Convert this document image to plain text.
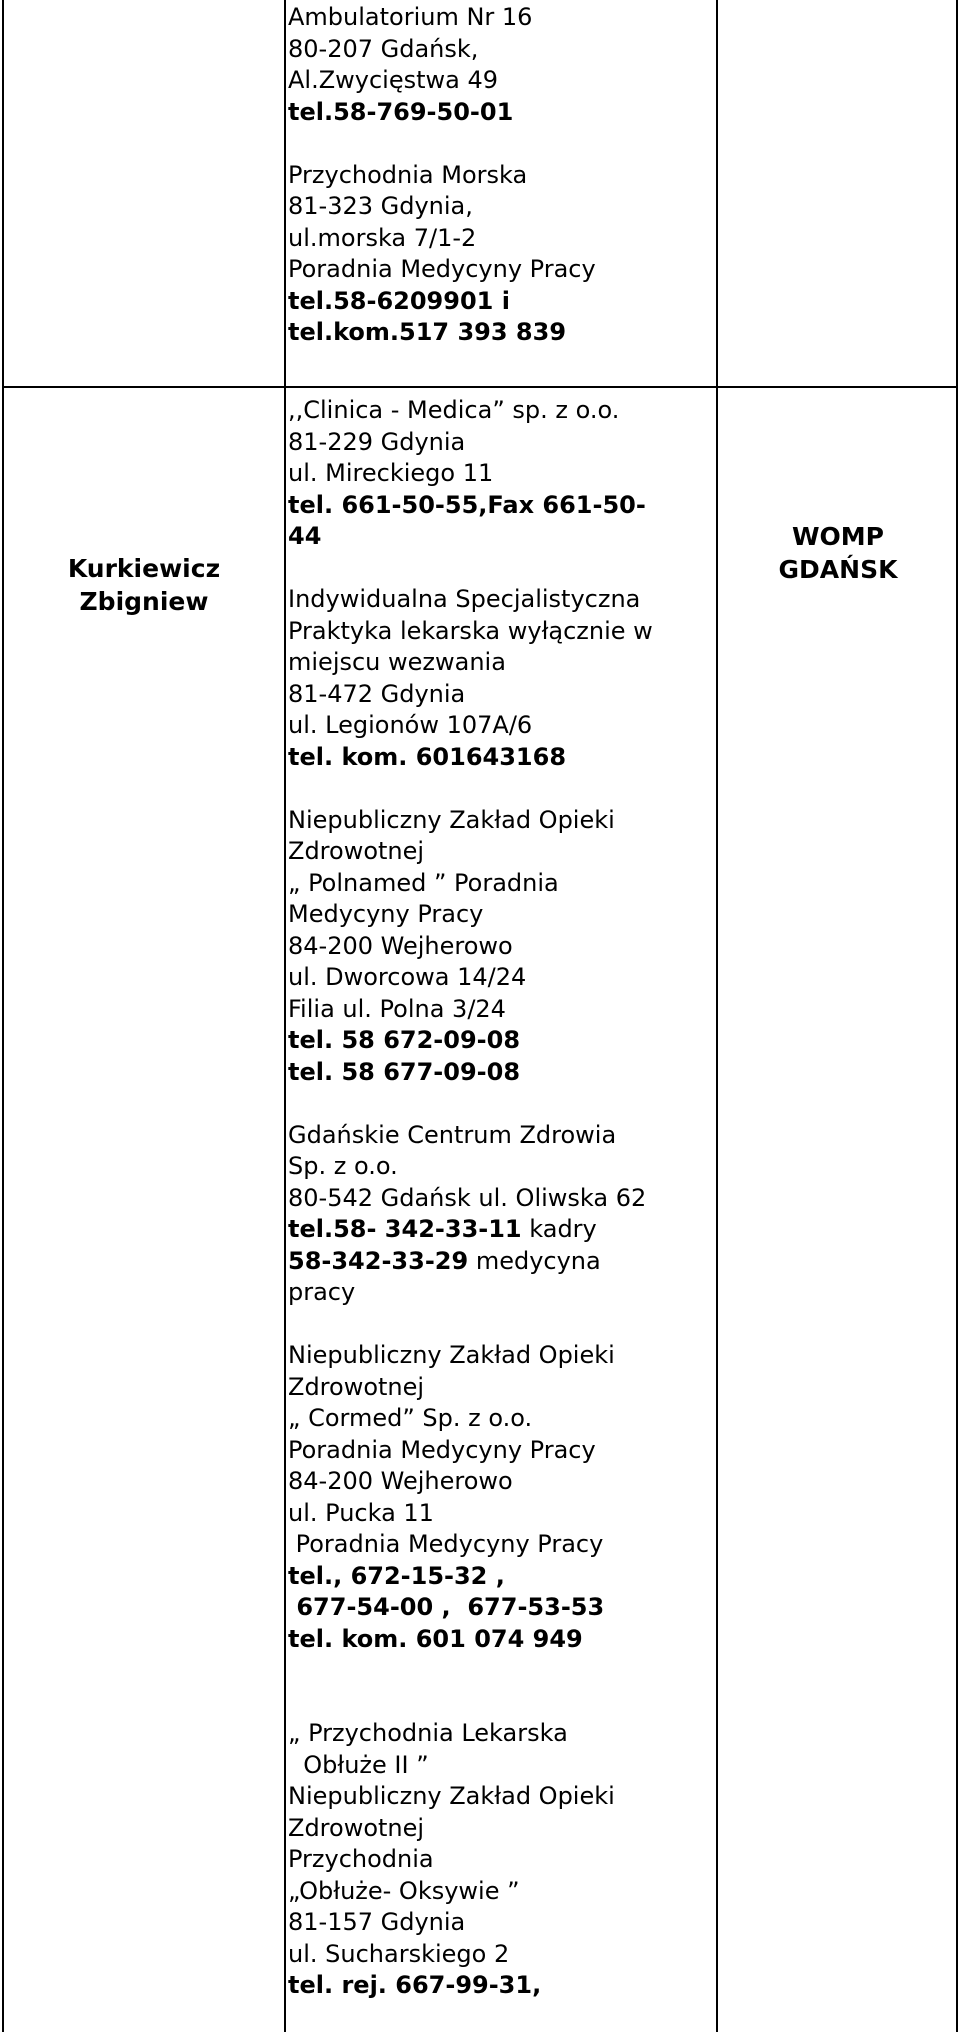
Ambulatorium Nr 16
80-207 Gdańsk,
Al.Zwycięstwa 49
tel.58-769-50-01
Przychodnia Morska
81-323 Gdynia,
ul.morska 7/1-2
Poradnia Medycyny Pracy
tel.58-6209901 i
tel.kom.517 393 839
Kurkiewicz
Zbigniew
,,Clinica - Medica” sp. z o.o.
81-229 Gdynia
ul. Mireckiego 11
tel. 661-50-55,Fax 661-50-
44
Indywidualna Specjalistyczna
Praktyka lekarska wyłącznie w
miejscu wezwania
81-472 Gdynia
ul. Legionów 107A/6
tel. kom. 601643168
Niepubliczny Zakład Opieki
Zdrowotnej
„ Polnamed ” Poradnia
Medycyny Pracy
84-200 Wejherowo
ul. Dworcowa 14/24
Filia ul. Polna 3/24
tel. 58 672-09-08
tel. 58 677-09-08
Gdańskie Centrum Zdrowia
Sp. z o.o.
80-542 Gdańsk ul. Oliwska 62
tel.58- 342-33-11 kadry
58-342-33-29 medycyna
pracy
Niepubliczny Zakład Opieki
Zdrowotnej
„ Cormed” Sp. z o.o.
Poradnia Medycyny Pracy
84-200 Wejherowo
ul. Pucka 11
Poradnia Medycyny Pracy
tel., 672-15-32 ,
677-54-00 ,  677-53-53
tel. kom. 601 074 949
„ Przychodnia Lekarska
Obłuże II ”
Niepubliczny Zakład Opieki
Zdrowotnej
Przychodnia
„Obłuże- Oksywie ”
81-157 Gdynia
ul. Sucharskiego 2
tel. rej. 667-99-31,
WOMP
GDAŃSK
